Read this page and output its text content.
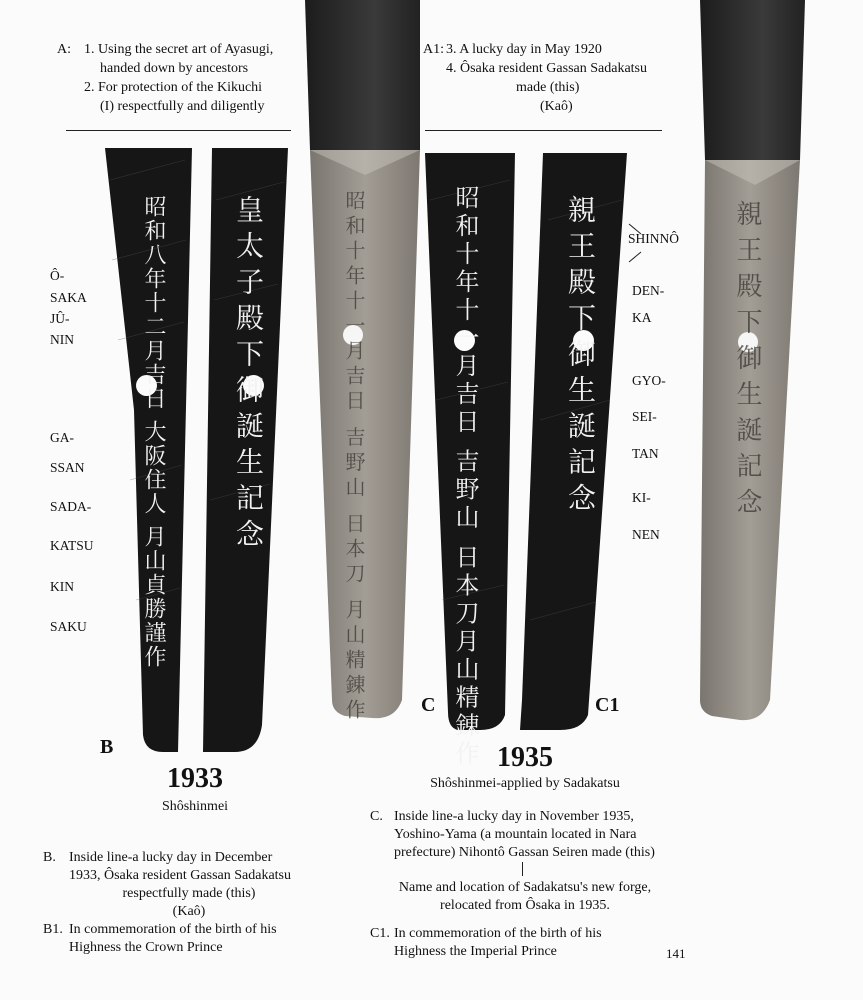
昭和八年十二月吉日 大阪住人 月山貞勝謹作 皇太子殿下御誕生記念	昭和十年十一月吉日 吉野山 日本刀月山精錬作	親王殿下御生誕記念
昭和十年十一月吉日 吉野山 日本刀 月山精錬作	親王殿下御生誕記念
A: 1. Using the secret art of Ayasugi,
handed down by ancestors
2. For protection of the Kikuchi
(I) respectfully and diligently
A1: 3. A lucky day in May 1920
4. Ôsaka resident Gassan Sadakatsu
made (this)
(Kaô)
Ô-
SAKA
JÛ-
NIN
GA-
SSAN
SADA-
KATSU
KIN
SAKU
SHINNÔ
DEN-
KA
GYO-
SEI-
TAN
KI-
NEN
B
C	C1
1933
Shôshinmei
1935
Shôshinmei-applied by Sadakatsu
B. Inside line-a lucky day in December
1933, Ôsaka resident Gassan Sadakatsu
respectfully made (this)
(Kaô)
B1. In commemoration of the birth of his
Highness the Crown Prince
C. Inside line-a lucky day in November 1935,
Yoshino-Yama (a mountain located in Nara
prefecture) Nihontô Gassan Seiren made (this)
Name and location of Sadakatsu's new forge,
relocated from Ôsaka in 1935.
C1. In commemoration of the birth of his
Highness the Imperial Prince	141
